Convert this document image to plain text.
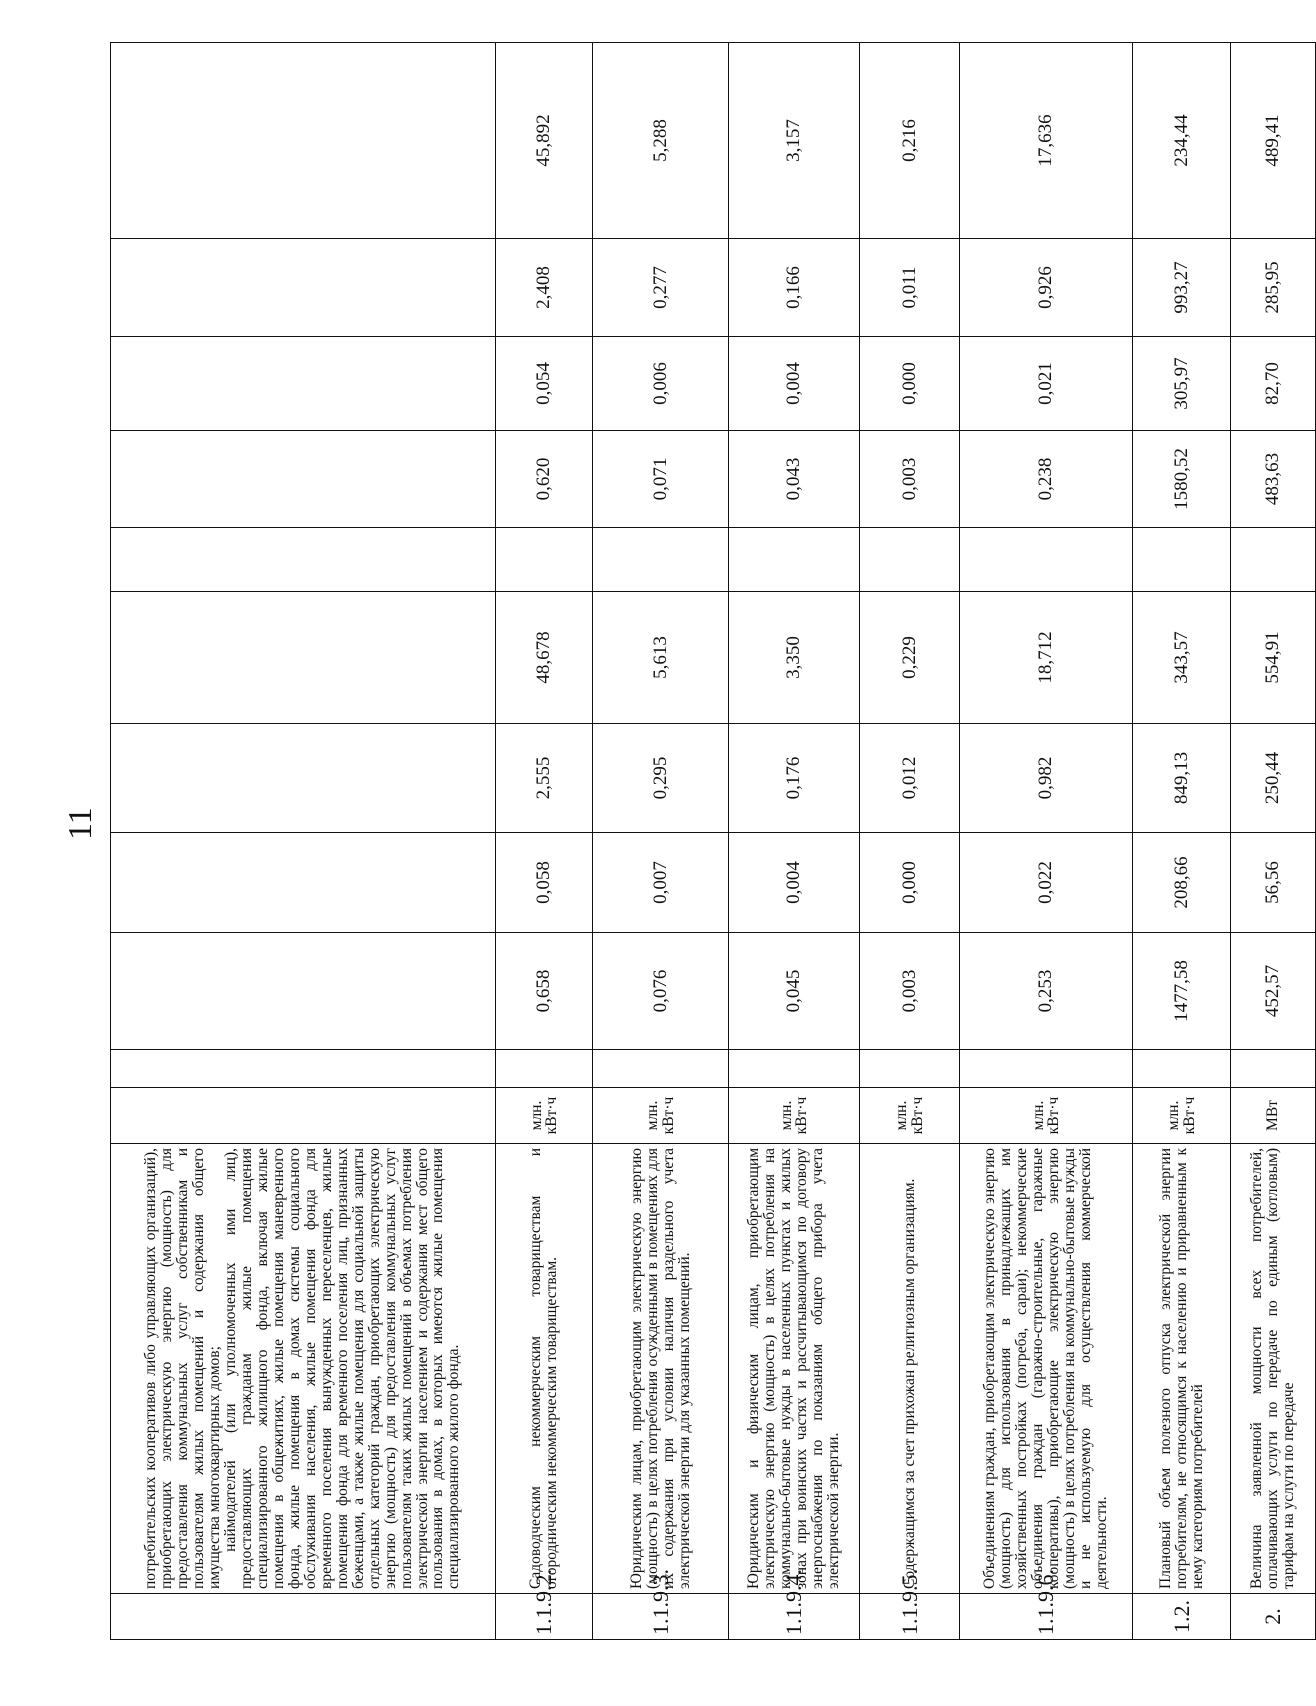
11

	потребительских кооперативов либо управляющих организаций), приобретающих электрическую энергию (мощность) для предоставления коммунальных услуг собственникам и пользователям жилых помещений и содержания общего имущества многоквартирных домов;

наймодателей (или уполномоченных ими лиц), предоставляющих гражданам жилые помещения специализированного жилищного фонда, включая жилые помещения в общежитиях, жилые помещения маневренного фонда, жилые помещения в домах системы социального обслуживания населения, жилые помещения фонда для временного поселения вынужденных переселенцев, жилые помещения фонда для временного поселения лиц, признанных беженцами, а также жилые помещения для социальной защиты отдельных категорий граждан, приобретающих электрическую энергию (мощность) для предоставления коммунальных услуг пользователям таких жилых помещений в объемах потребления электрической энергии населением и содержания мест общего пользования в домах, в которых имеются жилые помещения специализированного жилого фонда.											

1.1.9.2.	Садоводческим некоммерческим товариществам и огородническим некоммерческим товариществам.	млн. кВт·ч		0,658	0,058	2,555	48,678		0,620	0,054	2,408	45,892
1.1.9.3.	Юридическим лицам, приобретающим электрическую энергию (мощность) в целях потребления осужденными в помещениях для их содержания при условии наличия раздельного учета электрической энергии для указанных помещений.	млн. кВт·ч		0,076	0,007	0,295	5,613		0,071	0,006	0,277	5,288
1.1.9.4.	Юридическим и физическим лицам, приобретающим электрическую энергию (мощность) в целях потребления на коммунально-бытовые нужды в населенных пунктах и жилых зонах при воинских частях и рассчитывающимся по договору энергоснабжения по показаниям общего прибора учета электрической энергии.	млн. кВт·ч		0,045	0,004	0,176	3,350		0,043	0,004	0,166	3,157
1.1.9.5.	Содержащимся за счет прихожан религиозным организациям.	млн. кВт·ч		0,003	0,000	0,012	0,229		0,003	0,000	0,011	0,216
1.1.9.6.	Объединениям граждан, приобретающим электрическую энергию (мощность) для использования в принадлежащих им хозяйственных постройках (погреба, сараи); некоммерческие объединения граждан (гаражно-строительные, гаражные кооперативы), приобретающие электрическую энергию (мощность) в целях потребления на коммунально-бытовые нужды и не используемую для осуществления коммерческой деятельности.	млн. кВт·ч		0,253	0,022	0,982	18,712		0,238	0,021	0,926	17,636
1.2.	Плановый объем полезного отпуска электрической энергии потребителям, не относящимся к населению и приравненным к нему категориям потребителей	млн. кВт·ч		1477,58	208,66	849,13	343,57		1580,52	305,97	993,27	234,44
2.	Величина заявленной мощности всех потребителей, оплачивающих услуги по передаче по единым (котловым) тарифам на услуги по передаче	МВт		452,57	56,56	250,44	554,91		483,63	82,70	285,95	489,41
